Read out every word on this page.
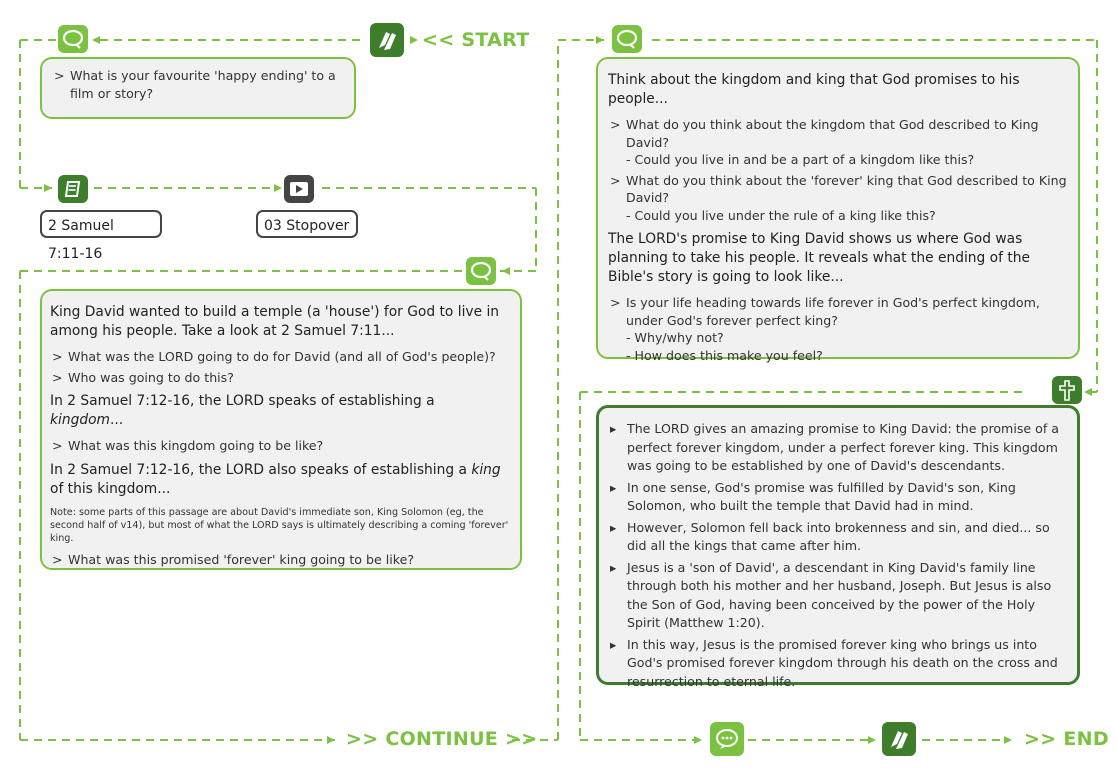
<< START
2 Samuel 7:11-16
03 Stopover
>> CONTINUE >>	>> END
> What is your favourite 'happy ending' to a film or story?

King David wanted to build a temple (a 'house') for God to live in among his people. Take a look at 2 Samuel 7:11...

> What was the LORD going to do for David (and all of God's people)?
> Who was going to do this?

In 2 Samuel 7:12-16, the LORD speaks of establishing a kingdom...

> What was this kingdom going to be like?

In 2 Samuel 7:12-16, the LORD also speaks of establishing a king of this kingdom...

Note: some parts of this passage are about David's immediate son, King Solomon (eg, the second half of v14), but most of what the LORD says is ultimately describing a coming 'forever' king.

> What was this promised 'forever' king going to be like?

Think about the kingdom and king that God promises to his people...

> What do you think about the kingdom that God described to King David?
- Could you live in and be a part of a kingdom like this?
> What do you think about the 'forever' king that God described to King David?
- Could you live under the rule of a king like this?

The LORD's promise to King David shows us where God was planning to take his people. It reveals what the ending of the Bible's story is going to look like...

> Is your life heading towards life forever in God's perfect kingdom, under God's forever perfect king?
- Why/why not?
- How does this make you feel?
▸ The LORD gives an amazing promise to King David: the promise of a perfect forever kingdom, under a perfect forever king. This kingdom was going to be established by one of David's descendants.
▸ In one sense, God's promise was fulfilled by David's son, King Solomon, who built the temple that David had in mind.
▸ However, Solomon fell back into brokenness and sin, and died... so did all the kings that came after him.
▸ Jesus is a 'son of David', a descendant in King David's family line through both his mother and her husband, Joseph. But Jesus is also the Son of God, having been conceived by the power of the Holy Spirit (Matthew 1:20).
▸ In this way, Jesus is the promised forever king who brings us into God's promised forever kingdom through his death on the cross and resurrection to eternal life.
